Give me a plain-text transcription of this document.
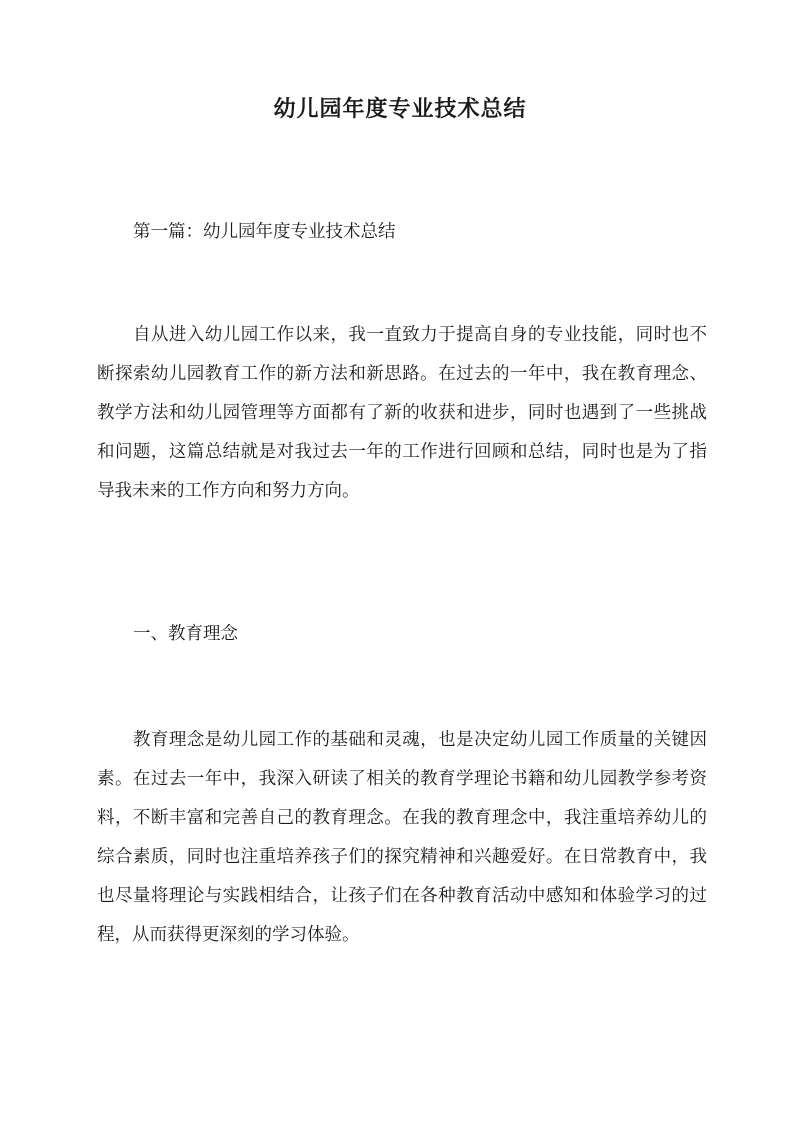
幼儿园年度专业技术总结
第一篇：幼儿园年度专业技术总结
自从进入幼儿园工作以来，我一直致力于提高自身的专业技能，同时也不断探索幼儿园教育工作的新方法和新思路。在过去的一年中，我在教育理念、教学方法和幼儿园管理等方面都有了新的收获和进步，同时也遇到了一些挑战和问题，这篇总结就是对我过去一年的工作进行回顾和总结，同时也是为了指导我未来的工作方向和努力方向。
一、教育理念
教育理念是幼儿园工作的基础和灵魂，也是决定幼儿园工作质量的关键因素。在过去一年中，我深入研读了相关的教育学理论书籍和幼儿园教学参考资料，不断丰富和完善自己的教育理念。在我的教育理念中，我注重培养幼儿的综合素质，同时也注重培养孩子们的探究精神和兴趣爱好。在日常教育中，我也尽量将理论与实践相结合，让孩子们在各种教育活动中感知和体验学习的过程，从而获得更深刻的学习体验。
